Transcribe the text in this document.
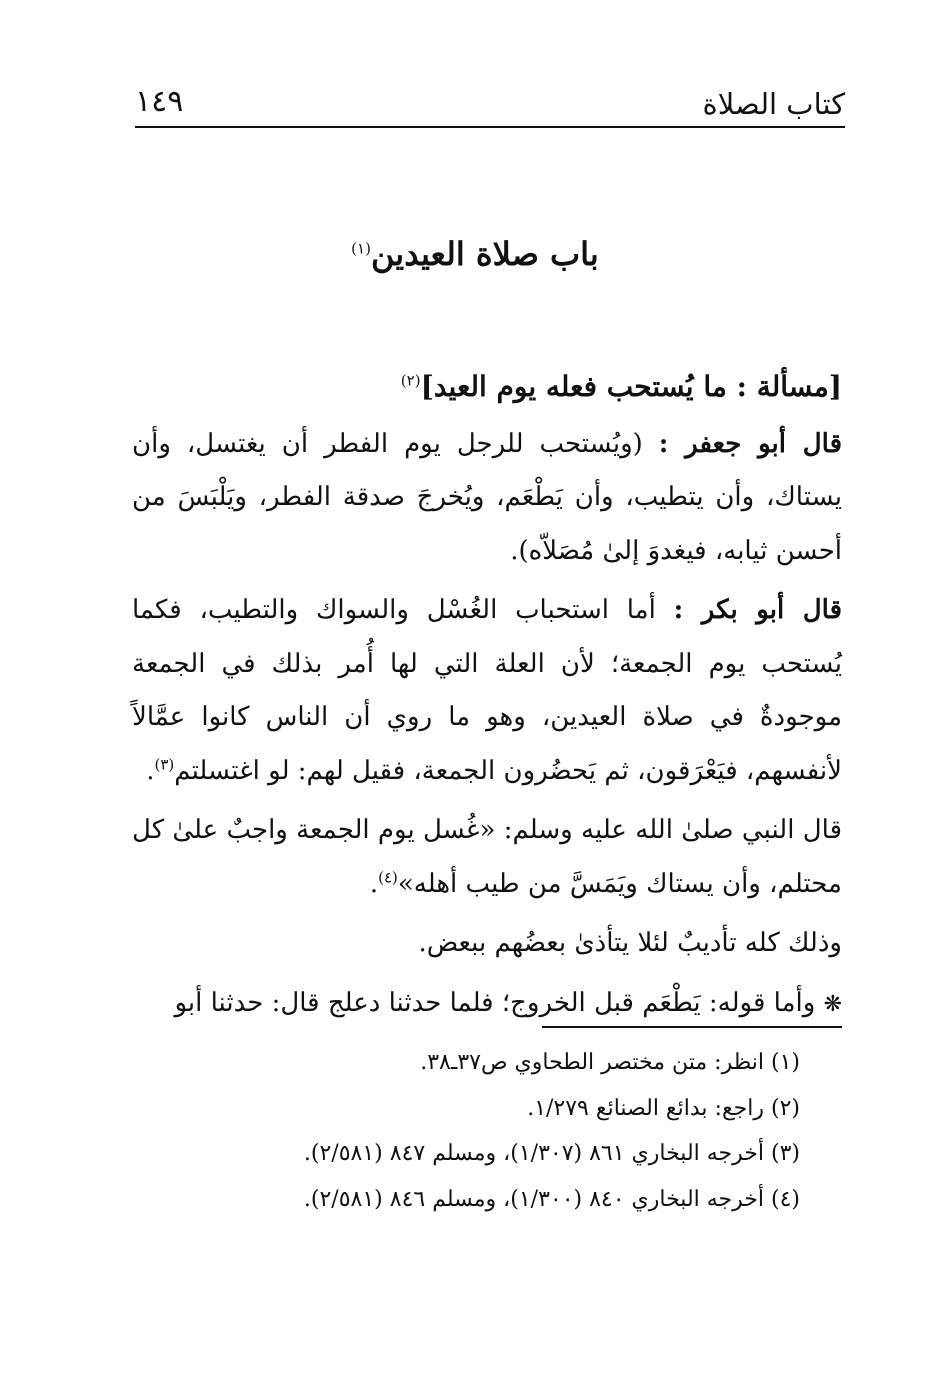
كتاب الصلاة
١٤٩
باب صلاة العيدين$^{(١)}$

[مسألة : ما يُستحب فعله يوم العيد]$^{(٢)}$

قال أبو جعفر : (ويُستحب للرجل يوم الفطر أن يغتسل، وأن يستاك، وأن يتطيب، وأن يَطْعَم، ويُخرجَ صدقة الفطر، ويَلْبَسَ من أحسن ثيابه، فيغدوَ إلىٰ مُصَلاّه).

قال أبو بكر : أما استحباب الغُسْل والسواك والتطيب، فكما يُستحب يوم الجمعة؛ لأن العلة التي لها أُمر بذلك في الجمعة موجودةٌ في صلاة العيدين، وهو ما روي أن الناس كانوا عمَّالاً لأنفسهم، فيَعْرَقون، ثم يَحضُرون الجمعة، فقيل لهم: لو اغتسلتم$^{(٣)}$.

قال النبي صلىٰ الله عليه وسلم: «غُسل يوم الجمعة واجبٌ علىٰ كل محتلم، وأن يستاك ويَمَسَّ من طيب أهله»$^{(٤)}$.

وذلك كله تأديبٌ لئلا يتأذىٰ بعضُهم ببعض.

❋ وأما قوله: يَطْعَم قبل الخروج؛ فلما حدثنا دعلج قال: حدثنا أبو

(١) انظر: متن مختصر الطحاوي ص٣٧ـ٣٨.

(٢) راجع: بدائع الصنائع ١/٢٧٩.

(٣) أخرجه البخاري ٨٦١ (١/٣٠٧)، ومسلم ٨٤٧ (٢/٥٨١).

(٤) أخرجه البخاري ٨٤٠ (١/٣٠٠)، ومسلم ٨٤٦ (٢/٥٨١).
